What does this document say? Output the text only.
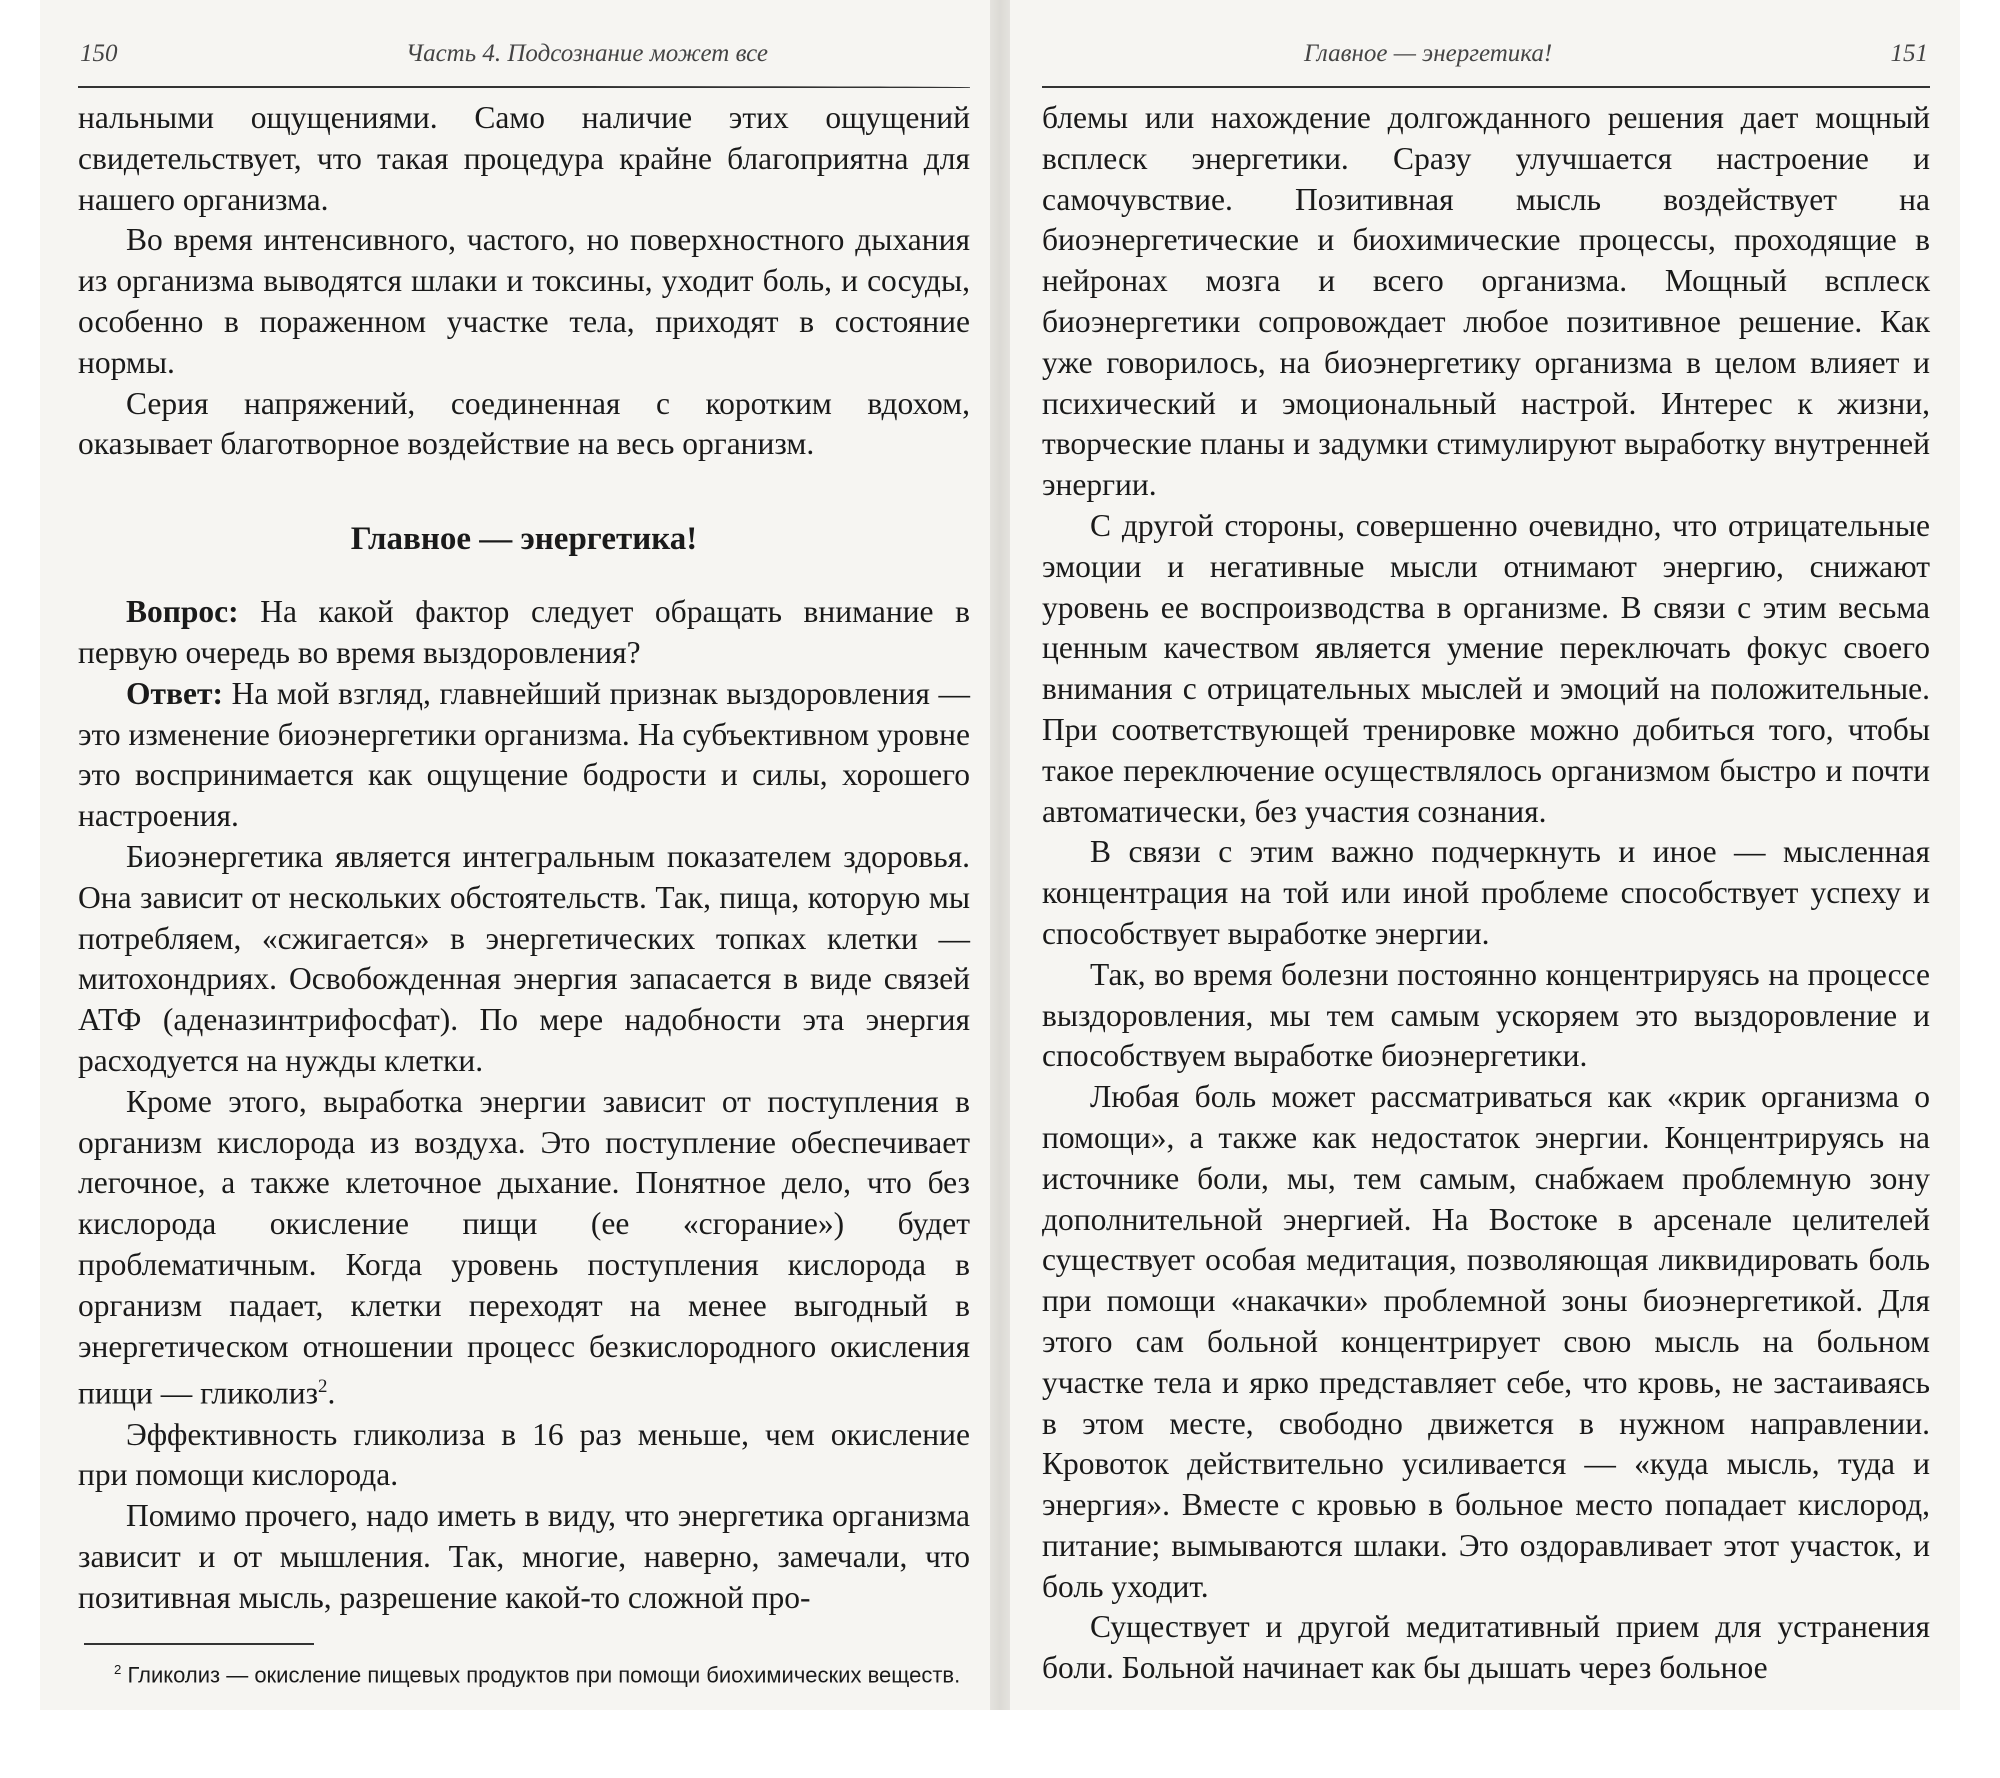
150	Часть 4. Подсознание может все

нальными ощущениями. Само наличие этих ощущений свидетельствует, что такая процедура крайне благоприятна для нашего организма.

Во время интенсивного, частого, но поверхностного дыхания из организма выводятся шлаки и токсины, уходит боль, и сосуды, особенно в пораженном участке тела, приходят в состояние нормы.

Серия напряжений, соединенная с коротким вдохом, оказывает благотворное воздействие на весь организм.

Главное — энергетика!

Вопрос: На какой фактор следует обращать внимание в первую очередь во время выздоровления?

Ответ: На мой взгляд, главнейший признак выздоровления — это изменение биоэнергетики организма. На субъективном уровне это воспринимается как ощущение бодрости и силы, хорошего настроения.

Биоэнергетика является интегральным показателем здоровья. Она зависит от нескольких обстоятельств. Так, пища, которую мы потребляем, «сжигается» в энергетических топках клетки — митохондриях. Освобожденная энергия запасается в виде связей АТФ (аденазинтрифосфат). По мере надобности эта энергия расходуется на нужды клетки.

Кроме этого, выработка энергии зависит от поступления в организм кислорода из воздуха. Это поступление обеспечивает легочное, а также клеточное дыхание. Понятное дело, что без кислорода окисление пищи (ее «сгорание») будет проблематичным. Когда уровень поступления кислорода в организм падает, клетки переходят на менее выгодный в энергетическом отношении процесс безкислородного окисления пищи — гликолиз$^2$.

Эффективность гликолиза в 16 раз меньше, чем окисление при помощи кислорода.

Помимо прочего, надо иметь в виду, что энергетика организма зависит и от мышления. Так, многие, наверно, замечали, что позитивная мысль, разрешение какой-то сложной про-

$^2$ Гликолиз — окисление пищевых продуктов при помощи биохимических веществ.

Главное — энергетика!	151

блемы или нахождение долгожданного решения дает мощный всплеск энергетики. Сразу улучшается настроение и самочувствие. Позитивная мысль воздействует на биоэнергетические и биохимические процессы, проходящие в нейронах мозга и всего организма. Мощный всплеск биоэнергетики сопровождает любое позитивное решение. Как уже говорилось, на биоэнергетику организма в целом влияет и психический и эмоциональный настрой. Интерес к жизни, творческие планы и задумки стимулируют выработку внутренней энергии.

С другой стороны, совершенно очевидно, что отрицательные эмоции и негативные мысли отнимают энергию, снижают уровень ее воспроизводства в организме. В связи с этим весьма ценным качеством является умение переключать фокус своего внимания с отрицательных мыслей и эмоций на положительные. При соответствующей тренировке можно добиться того, чтобы такое переключение осуществлялось организмом быстро и почти автоматически, без участия сознания.

В связи с этим важно подчеркнуть и иное — мысленная концентрация на той или иной проблеме способствует успеху и способствует выработке энергии.

Так, во время болезни постоянно концентрируясь на процессе выздоровления, мы тем самым ускоряем это выздоровление и способствуем выработке биоэнергетики.

Любая боль может рассматриваться как «крик организма о помощи», а также как недостаток энергии. Концентрируясь на источнике боли, мы, тем самым, снабжаем проблемную зону дополнительной энергией. На Востоке в арсенале целителей существует особая медитация, позволяющая ликвидировать боль при помощи «накачки» проблемной зоны биоэнергетикой. Для этого сам больной концентрирует свою мысль на больном участке тела и ярко представляет себе, что кровь, не застаиваясь в этом месте, свободно движется в нужном направлении. Кровоток действительно усиливается — «куда мысль, туда и энергия». Вместе с кровью в больное место попадает кислород, питание; вымываются шлаки. Это оздоравливает этот участок, и боль уходит.

Существует и другой медитативный прием для устранения боли. Больной начинает как бы дышать через больное
